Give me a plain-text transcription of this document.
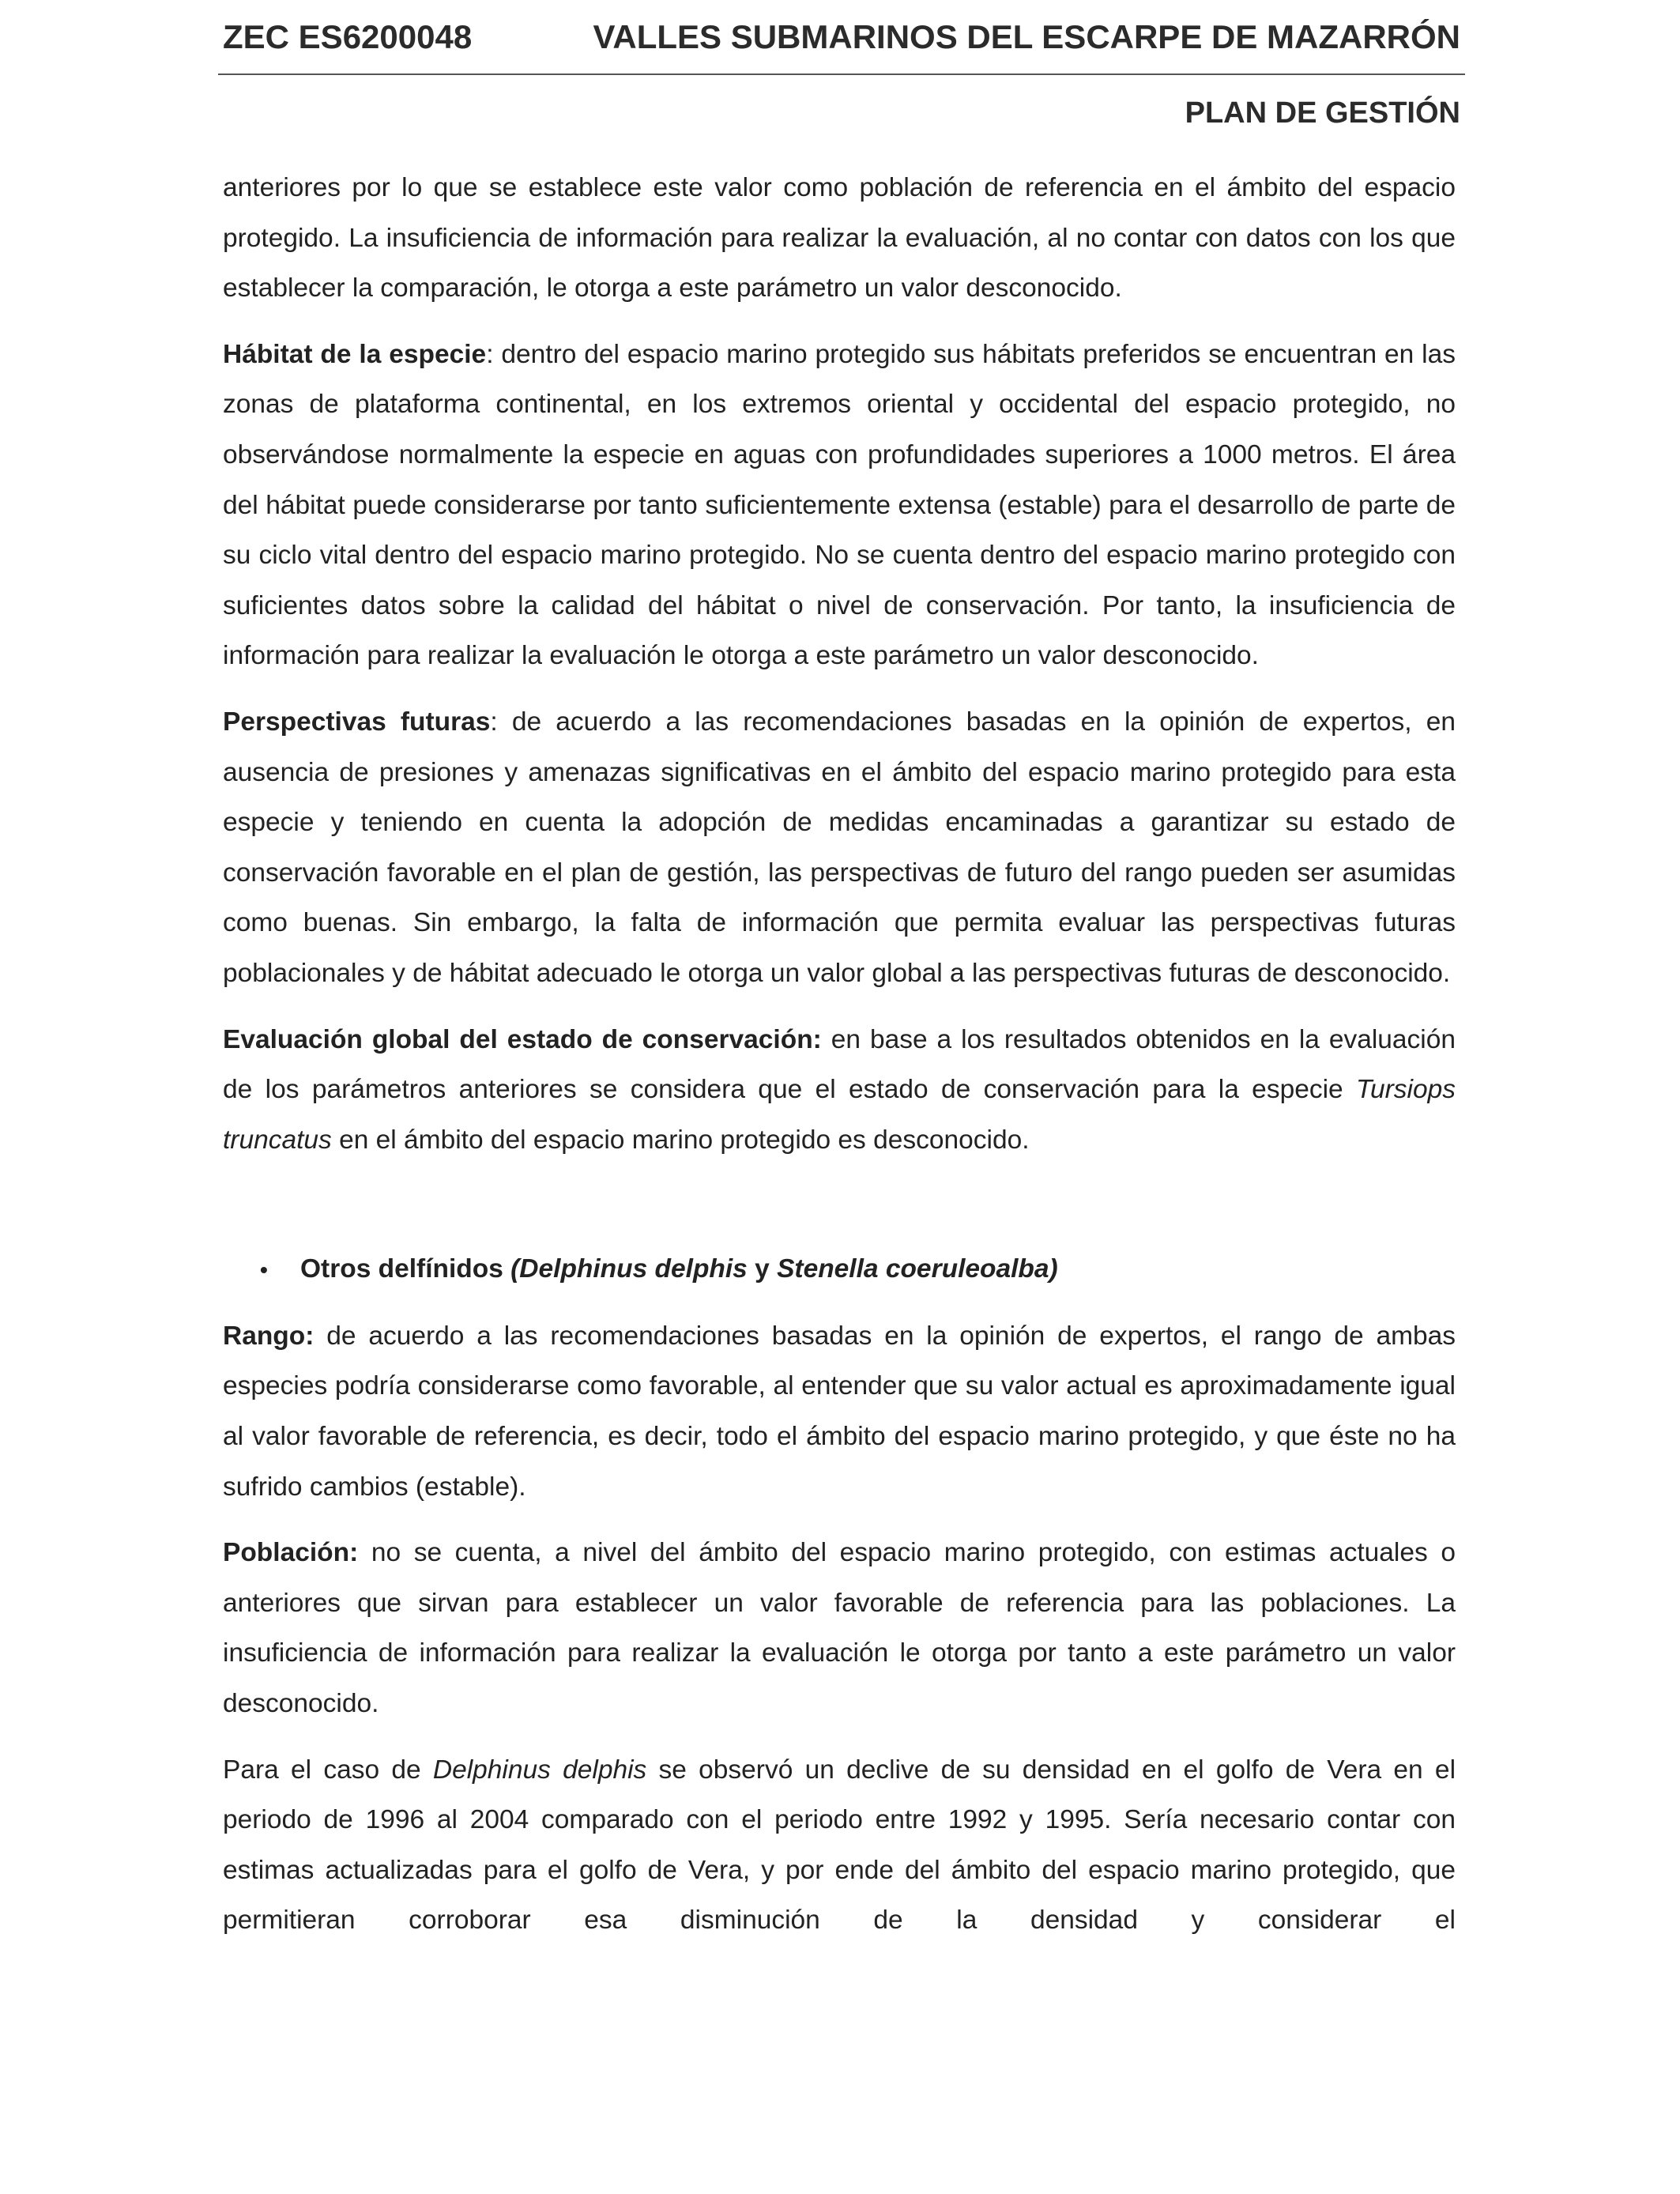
ZEC ES6200048	VALLES SUBMARINOS DEL ESCARPE DE MAZARRÓN
PLAN DE GESTIÓN

anteriores por lo que se establece este valor como población de referencia en el ámbito del espacio protegido. La insuficiencia de información para realizar la evaluación, al no contar con datos con los que establecer la comparación, le otorga a este parámetro un valor desconocido.

Hábitat de la especie: dentro del espacio marino protegido sus hábitats preferidos se encuentran en las zonas de plataforma continental, en los extremos oriental y occidental del espacio protegido, no observándose normalmente la especie en aguas con profundidades superiores a 1000 metros. El área del hábitat puede considerarse por tanto suficientemente extensa (estable) para el desarrollo de parte de su ciclo vital dentro del espacio marino protegido. No se cuenta dentro del espacio marino protegido con suficientes datos sobre la calidad del hábitat o nivel de conservación. Por tanto, la insuficiencia de información para realizar la evaluación le otorga a este parámetro un valor desconocido.

Perspectivas futuras: de acuerdo a las recomendaciones basadas en la opinión de expertos, en ausencia de presiones y amenazas significativas en el ámbito del espacio marino protegido para esta especie y teniendo en cuenta la adopción de medidas encaminadas a garantizar su estado de conservación favorable en el plan de gestión, las perspectivas de futuro del rango pueden ser asumidas como buenas. Sin embargo, la falta de información que permita evaluar las perspectivas futuras poblacionales y de hábitat adecuado le otorga un valor global a las perspectivas futuras de desconocido.

Evaluación global del estado de conservación: en base a los resultados obtenidos en la evaluación de los parámetros anteriores se considera que el estado de conservación para la especie Tursiops truncatus en el ámbito del espacio marino protegido es desconocido.

•	Otros delfínidos (Delphinus delphis y Stenella coeruleoalba)

Rango: de acuerdo a las recomendaciones basadas en la opinión de expertos, el rango de ambas especies podría considerarse como favorable, al entender que su valor actual es aproximadamente igual al valor favorable de referencia, es decir, todo el ámbito del espacio marino protegido, y que éste no ha sufrido cambios (estable).

Población: no se cuenta, a nivel del ámbito del espacio marino protegido, con estimas actuales o anteriores que sirvan para establecer un valor favorable de referencia para las poblaciones. La insuficiencia de información para realizar la evaluación le otorga por tanto a este parámetro un valor desconocido.

Para el caso de Delphinus delphis se observó un declive de su densidad en el golfo de Vera en el periodo de 1996 al 2004 comparado con el periodo entre 1992 y 1995. Sería necesario contar con estimas actualizadas para el golfo de Vera, y por ende del ámbito del espacio marino protegido, que permitieran corroborar esa disminución de la densidad y considerar el
